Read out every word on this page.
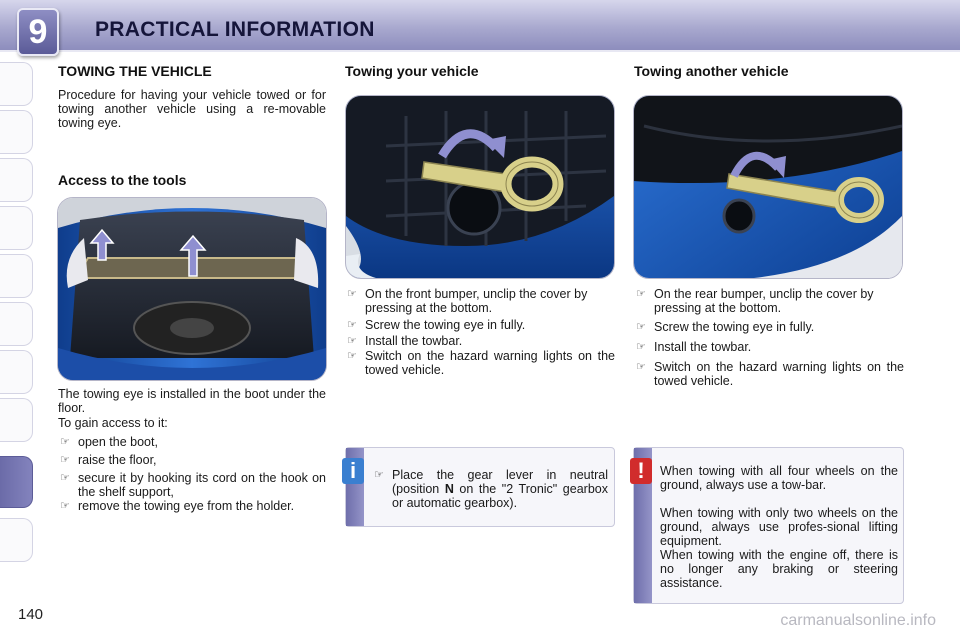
9	PRACTICAL INFORMATION
TOWING THE VEHICLE
Procedure for having your vehicle towed or for towing another vehicle using a re-movable towing eye.
Access to the tools
The towing eye is installed in the boot under the floor.
To gain access to it:
☞ open the boot,
☞ raise the floor,
☞ secure it by hooking its cord on the hook on the shelf support,
☞ remove the towing eye from the holder.
Towing your vehicle
☞ On the front bumper, unclip the cover by pressing at the bottom.
☞ Screw the towing eye in fully.
☞ Install the towbar.
☞ Switch on the hazard warning lights on the towed vehicle.
i	☞ Place the gear lever in neutral (position N on the "2 Tronic" gearbox or automatic gearbox).
Towing another vehicle
☞ On the rear bumper, unclip the cover by pressing at the bottom.
☞ Screw the towing eye in fully.
☞ Install the towbar.
☞ Switch on the hazard warning lights on the towed vehicle.
!	When towing with all four wheels on the ground, always use a tow-bar.
When towing with only two wheels on the ground, always use profes-sional lifting equipment.
When towing with the engine off, there is no longer any braking or steering assistance.
140	carmanualsonline.info
